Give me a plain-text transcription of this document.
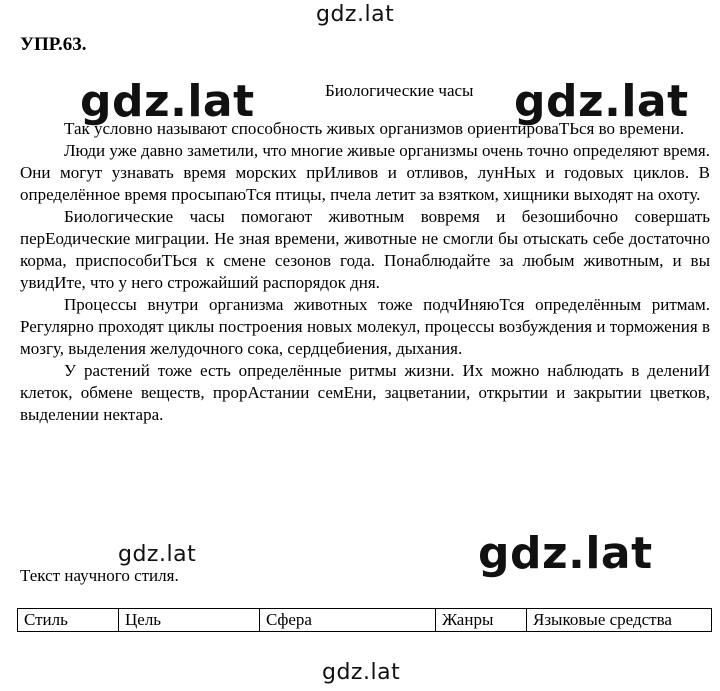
gdz.lat
gdz.lat	gdz.lat
gdz.lat	gdz.lat
gdz.lat
УПР.63.
Биологические часы

Так условно называют способность живых организмов ориентироваТЬся во времени.

Люди уже давно заметили, что многие живые организмы очень точно определяют время. Они могут узнавать время морских прИливов и отливов, лунНых и годовых циклов. В определённое время просыпаюТся птицы, пчела летит за взятком, хищники выходят на охоту.

Биологические часы помогают животным вовремя и безошибочно совершать перЕодические миграции. Не зная времени, животные не смогли бы отыскать себе достаточно корма, приспособиТЬся к смене сезонов года. Понаблюдайте за любым животным, и вы увидИте, что у него строжайший распорядок дня.

Процессы внутри организма животных тоже подчИняюТся определённым ритмам. Регулярно проходят циклы построения новых молекул, процессы возбуждения и торможения в мозгу, выделения желудочного сока, сердцебиения, дыхания.

У растений тоже есть определённые ритмы жизни. Их можно наблюдать в делениИ клеток, обмене веществ, прорАстании семЕни, зацветании, открытии и закрытии цветков, выделении нектара.

Текст научного стиля.
Стиль	Цель	Сфера	Жанры	Языковые средства
